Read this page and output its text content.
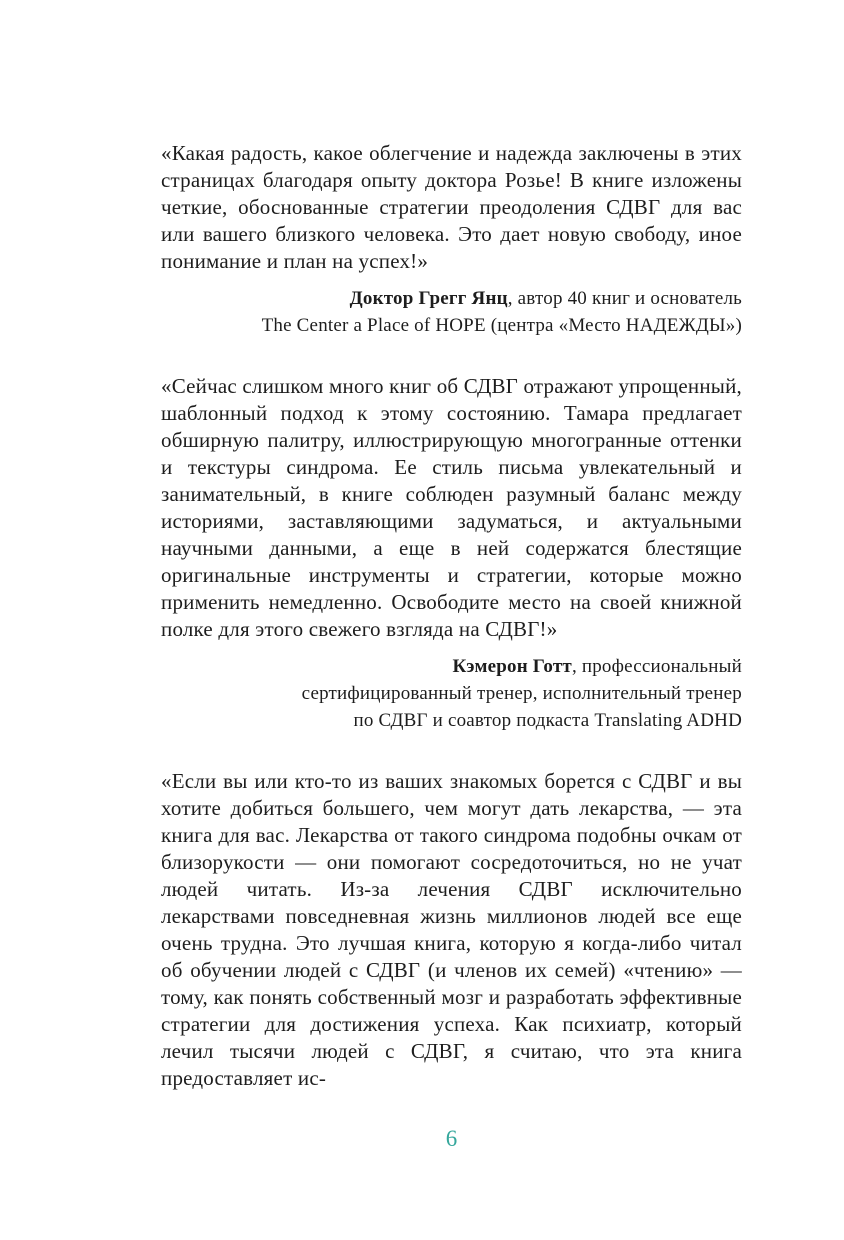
«Какая радость, какое облегчение и надежда заключены в этих страницах благодаря опыту доктора Розье! В книге изложены четкие, обоснованные стратегии преодоления СДВГ для вас или вашего близкого человека. Это дает новую свободу, иное понимание и план на успех!»

Доктор Грегг Янц, автор 40 книг и основатель
The Center a Place of HOPE (центра «Место НАДЕЖДЫ»)

«Сейчас слишком много книг об СДВГ отражают упрощенный, шаблонный подход к этому состоянию. Тамара предлагает обширную палитру, иллюстрирующую многогранные оттенки и текстуры синдрома. Ее стиль письма увлекательный и занимательный, в книге соблюден разумный баланс между историями, заставляющими задуматься, и актуальными научными данными, а еще в ней содержатся блестящие оригинальные инструменты и стратегии, которые можно применить немедленно. Освободите место на своей книжной полке для этого свежего взгляда на СДВГ!»

Кэмерон Готт, профессиональный
сертифицированный тренер, исполнительный тренер
по СДВГ и соавтор подкаста Translating ADHD

«Если вы или кто-то из ваших знакомых борется с СДВГ и вы хотите добиться большего, чем могут дать лекарства, — эта книга для вас. Лекарства от такого синдрома подобны очкам от близорукости — они помогают сосредоточиться, но не учат людей читать. Из-за лечения СДВГ исключительно лекарствами повседневная жизнь миллионов людей все еще очень трудна. Это лучшая книга, которую я когда-либо читал об обучении людей с СДВГ (и членов их семей) «чтению» — тому, как понять собственный мозг и разработать эффективные стратегии для достижения успеха. Как психиатр, который лечил тысячи людей с СДВГ, я считаю, что эта книга предоставляет ис-

6
